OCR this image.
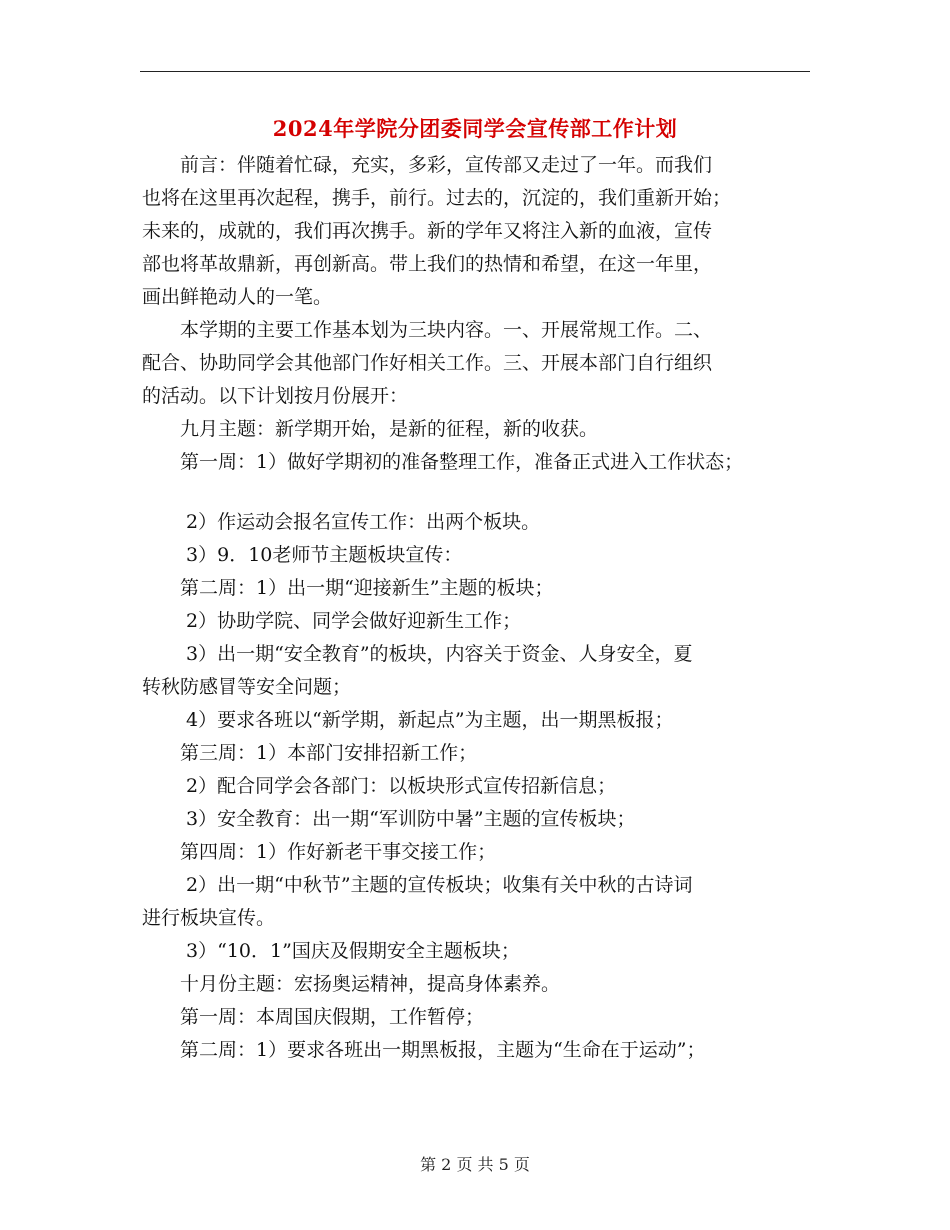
2024年学院分团委同学会宣传部工作计划
　　前言：伴随着忙碌，充实，多彩，宣传部又走过了一年。而我们
也将在这里再次起程，携手，前行。过去的，沉淀的，我们重新开始；
未来的，成就的，我们再次携手。新的学年又将注入新的血液，宣传
部也将革故鼎新，再创新高。带上我们的热情和希望，在这一年里，
画出鲜艳动人的一笔。
　　本学期的主要工作基本划为三块内容。一、开展常规工作。二、
配合、协助同学会其他部门作好相关工作。三、开展本部门自行组织
的活动。以下计划按月份展开：
　　九月主题：新学期开始，是新的征程，新的收获。
　　第一周：1）做好学期初的准备整理工作，准备正式进入工作状态；
　　 2）作运动会报名宣传工作：出两个板块。
　　 3）9．10老师节主题板块宣传：
　　第二周：1）出一期“迎接新生”主题的板块；
　　 2）协助学院、同学会做好迎新生工作；
　　 3）出一期“安全教育”的板块，内容关于资金、人身安全，夏
转秋防感冒等安全问题；
　　 4）要求各班以“新学期，新起点”为主题，出一期黑板报；
　　第三周：1）本部门安排招新工作；
　　 2）配合同学会各部门：以板块形式宣传招新信息；
　　 3）安全教育：出一期“军训防中暑”主题的宣传板块；
　　第四周：1）作好新老干事交接工作；
　　 2）出一期“中秋节”主题的宣传板块；收集有关中秋的古诗词
进行板块宣传。
　　 3）“10．1”国庆及假期安全主题板块；
　　十月份主题：宏扬奥运精神，提高身体素养。
　　第一周：本周国庆假期，工作暂停；
　　第二周：1）要求各班出一期黑板报，主题为“生命在于运动”；
第 2 页 共 5 页
